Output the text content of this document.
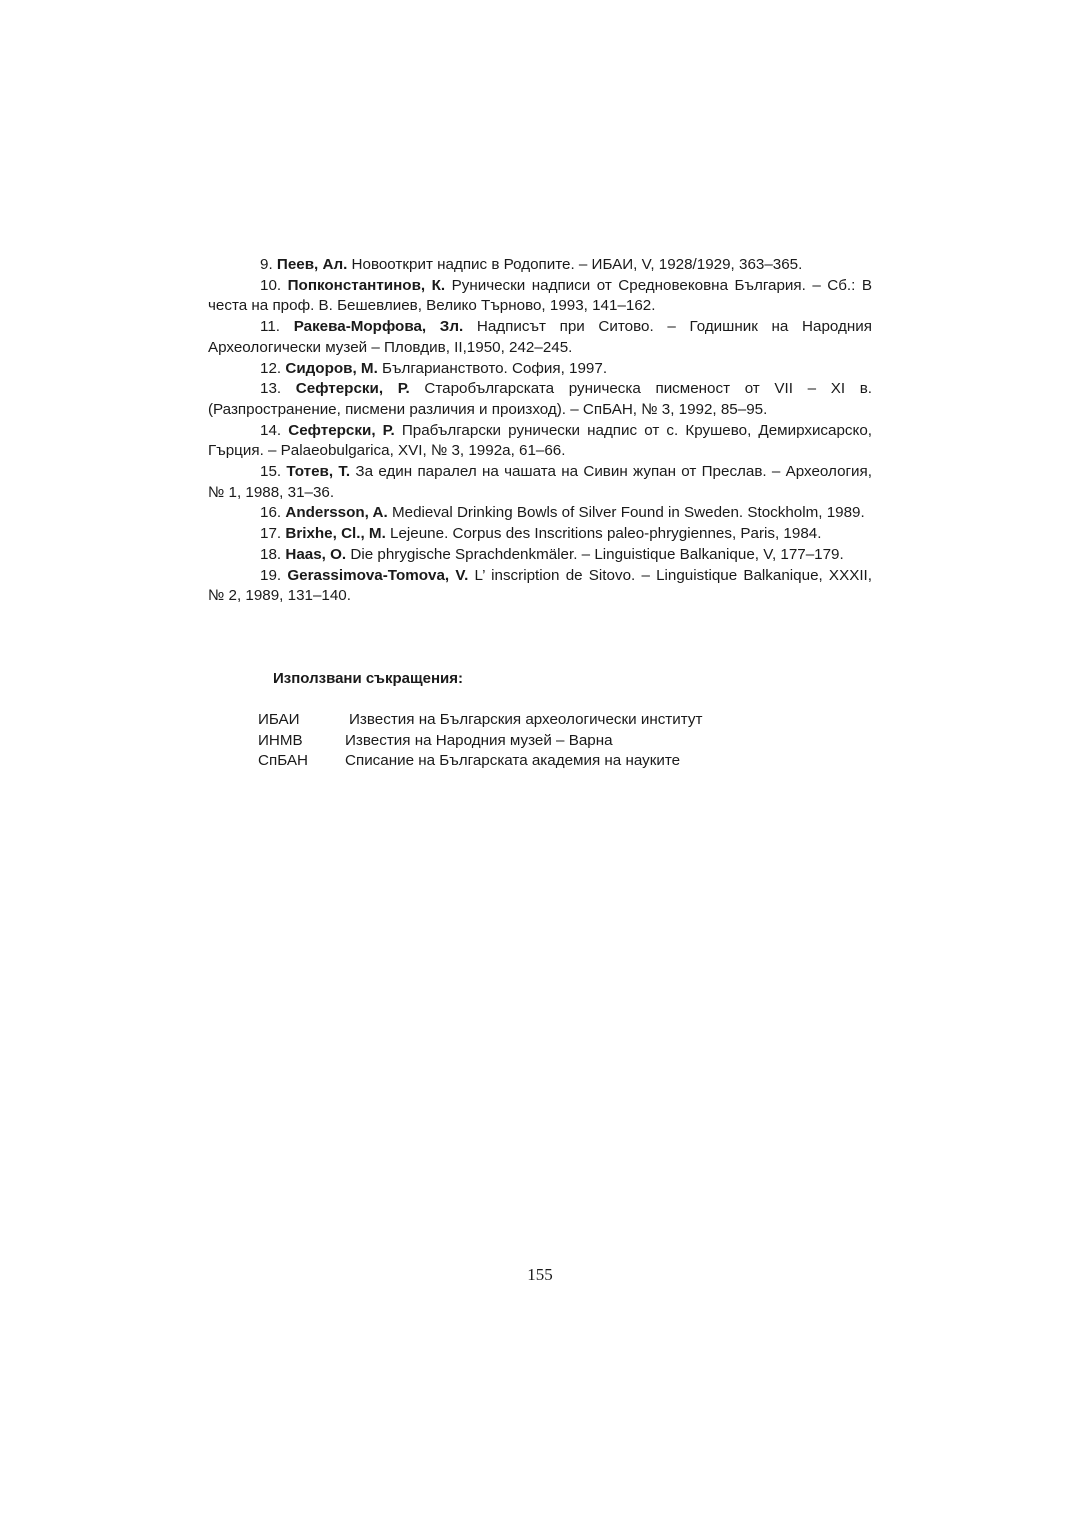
9. Пеев, Ал. Новооткрит надпис в Родопите. – ИБАИ, V, 1928/1929, 363–365.

10. Попконстантинов, К. Рунически надписи от Средновековна България. – Сб.: В честа на проф. В. Бешевлиев, Велико Търново, 1993, 141–162.

11. Ракева-Морфова, Зл. Надписът при Ситово. – Годишник на Народния Археологически музей – Пловдив, II,1950, 242–245.

12. Сидоров, М. Българианството. София, 1997.

13. Сефтерски, Р. Старобългарската руническа писменост от VII – XI в. (Разпространение, писмени различия и произход). – СпБАН, № 3, 1992, 85–95.

14. Сефтерски, Р. Прабългарски рунически надпис от с. Крушево, Демирхисарско, Гърция. – Palaeobulgarica, XVI, № 3, 1992а, 61–66.

15. Тотев, Т. За един паралел на чашата на Сивин жупан от Преслав. – Археология, № 1, 1988, 31–36.

16. Andersson, A. Medieval Drinking Bowls of Silver Found in Sweden. Stockholm, 1989.

17. Brixhe, Cl., M. Lejeune. Corpus des Inscritions paleo-phrygiennes, Paris, 1984.

18. Haas, O. Die phrygische Sprachdenkmäler. – Linguistique Balkanique, V, 177–179.

19. Gerassimova-Tomova, V. L’ inscription de Sitovo. – Linguistique Balkanique, XXXII, № 2, 1989, 131–140.

Използвани съкращения:

ИБАИ	Известия на Българския археологически институт
ИНМВ	Известия на Народния музей – Варна
СпБАН	Списание на Българската академия на науките
155
